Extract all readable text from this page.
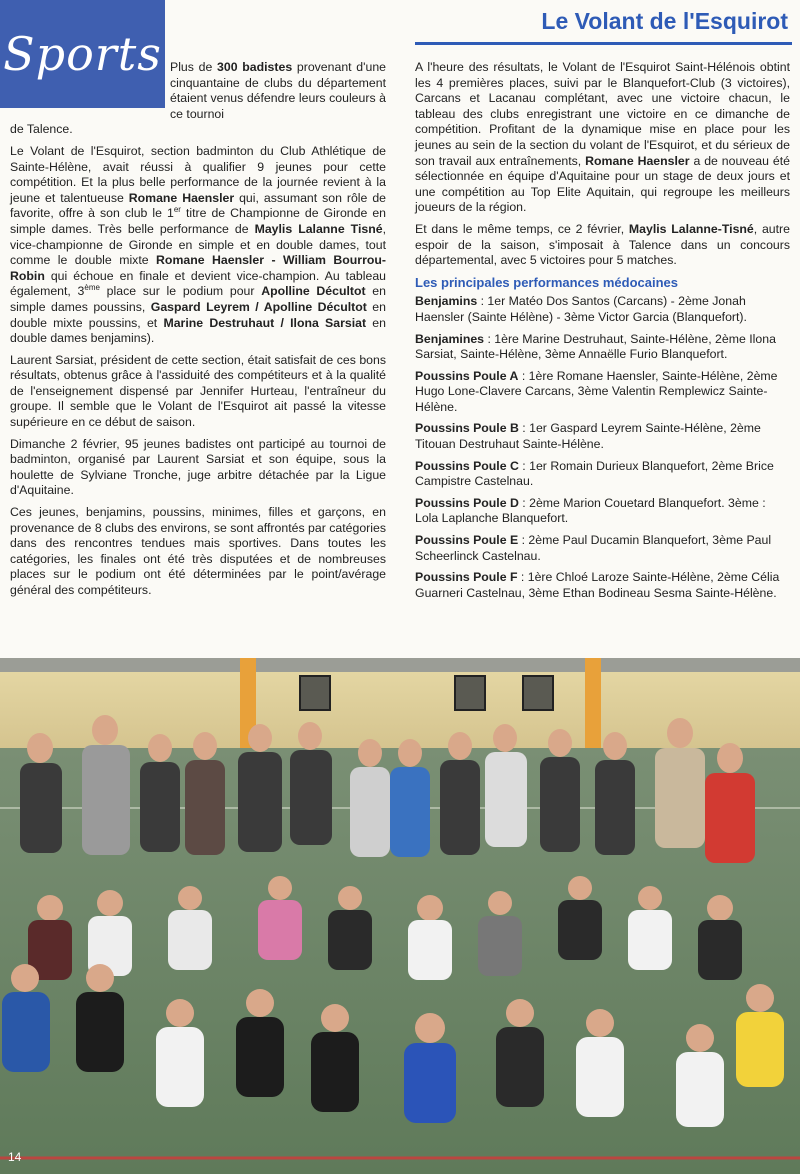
Sports
Le Volant de l'Esquirot

Plus de 300 badistes provenant d'une cinquantaine de clubs du département étaient venus défendre leurs couleurs à ce tournoi

de Talence.

Le Volant de l'Esquirot, section badminton du Club Athlétique de Sainte-Hélène, avait réussi à qualifier 9 jeunes pour cette compétition. Et la plus belle performance de la journée revient à la jeune et talentueuse Romane Haensler qui, assumant son rôle de favorite, offre à son club le 1er titre de Championne de Gironde en simple dames. Très belle performance de Maylis Lalanne Tisné, vice-championne de Gironde en simple et en double dames, tout comme le double mixte Romane Haensler - William Bourrou-Robin qui échoue en finale et devient vice-champion. Au tableau également, 3ème place sur le podium pour Apolline Décultot en simple dames poussins, Gaspard Leyrem / Apolline Décultot en double mixte poussins, et Marine Destruhaut / Ilona Sarsiat en double dames benjamins).

Laurent Sarsiat, président de cette section, était satisfait de ces bons résultats, obtenus grâce à l'assiduité des compétiteurs et à la qualité de l'enseignement dispensé par Jennifer Hurteau, l'entraîneur du groupe. Il semble que le Volant de l'Esquirot ait passé la vitesse supérieure en ce début de saison.

Dimanche 2 février, 95 jeunes badistes ont participé au tournoi de badminton, organisé par Laurent Sarsiat et son équipe, sous la houlette de Sylviane Tronche, juge arbitre détachée par la Ligue d'Aquitaine.

Ces jeunes, benjamins, poussins, minimes, filles et garçons, en provenance de 8 clubs des environs, se sont affrontés par catégories dans des rencontres tendues mais sportives. Dans toutes les catégories, les finales ont été très disputées et de nombreuses places sur le podium ont été déterminées par le point/avérage général des compétiteurs.

A l'heure des résultats, le Volant de l'Esquirot Saint-Hélénois obtint les 4 premières places, suivi par le Blanquefort-Club (3 victoires), Carcans et Lacanau complétant, avec une victoire chacun, le tableau des clubs enregistrant une victoire en ce dimanche de compétition. Profitant de la dynamique mise en place pour les jeunes au sein de la section du volant de l'Esquirot, et du sérieux de son travail aux entraînements, Romane Haensler a de nouveau été sélectionnée en équipe d'Aquitaine pour un stage de deux jours et une compétition au Top Elite Aquitain, qui regroupe les meilleurs joueurs de la région.

Et dans le même temps, ce 2 février, Maylis Lalanne-Tisné, autre espoir de la saison, s'imposait à Talence dans un concours départemental, avec 5 victoires pour 5 matches.

Les principales performances médocaines

Benjamins : 1er Matéo Dos Santos (Carcans) - 2ème Jonah Haensler (Sainte Hélène) - 3ème Victor Garcia (Blanquefort).

Benjamines : 1ère Marine Destruhaut, Sainte-Hélène, 2ème Ilona Sarsiat, Sainte-Hélène, 3ème Annaëlle Furio Blanquefort.

Poussins Poule A : 1ère Romane Haensler, Sainte-Hélène, 2ème Hugo Lone-Clavere Carcans, 3ème Valentin Remplewicz Sainte-Hélène.

Poussins Poule B : 1er Gaspard Leyrem Sainte-Hélène, 2ème Titouan Destruhaut Sainte-Hélène.

Poussins Poule C : 1er Romain Durieux Blanquefort, 2ème Brice Campistre Castelnau.

Poussins Poule D : 2ème Marion Couetard Blanquefort. 3ème : Lola Laplanche Blanquefort.

Poussins Poule E : 2ème Paul Ducamin Blanquefort, 3ème Paul Scheerlinck Castelnau.

Poussins Poule F : 1ère Chloé Laroze Sainte-Hélène, 2ème Célia Guarneri Castelnau, 3ème Ethan Bodineau Sesma Sainte-Hélène.

14
